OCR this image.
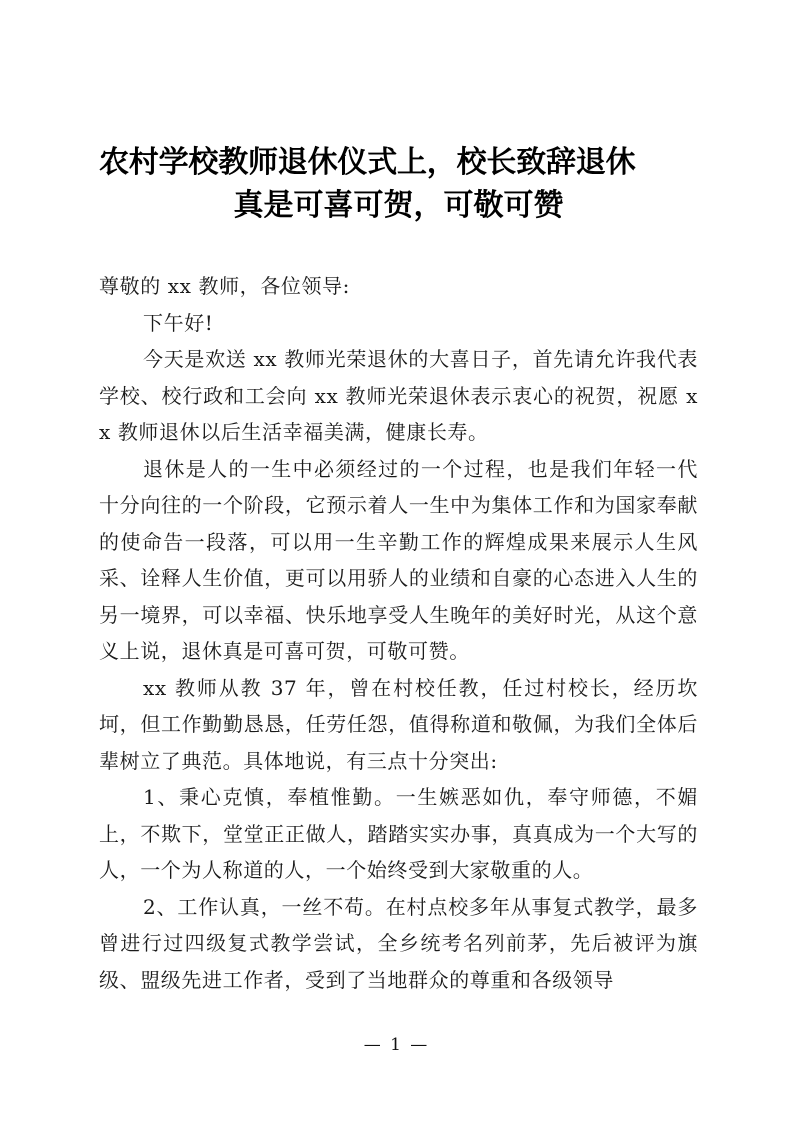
农村学校教师退休仪式上，校长致辞退休
真是可喜可贺，可敬可赞

尊敬的 xx 教师，各位领导:

下午好!

今天是欢送 xx 教师光荣退休的大喜日子，首先请允许我代表学校、校行政和工会向 xx 教师光荣退休表示衷心的祝贺，祝愿 xx 教师退休以后生活幸福美满，健康长寿。

退休是人的一生中必须经过的一个过程，也是我们年轻一代十分向往的一个阶段，它预示着人一生中为集体工作和为国家奉献的使命告一段落，可以用一生辛勤工作的辉煌成果来展示人生风采、诠释人生价值，更可以用骄人的业绩和自豪的心态进入人生的另一境界，可以幸福、快乐地享受人生晚年的美好时光，从这个意义上说，退休真是可喜可贺，可敬可赞。

xx 教师从教 37 年，曾在村校任教，任过村校长，经历坎坷，但工作勤勤恳恳，任劳任怨，值得称道和敬佩，为我们全体后辈树立了典范。具体地说，有三点十分突出:

1、秉心克慎，奉植惟勤。一生嫉恶如仇，奉守师德，不媚上，不欺下，堂堂正正做人，踏踏实实办事，真真成为一个大写的人，一个为人称道的人，一个始终受到大家敬重的人。

2、工作认真，一丝不苟。在村点校多年从事复式教学，最多曾进行过四级复式教学尝试，全乡统考名列前茅，先后被评为旗级、盟级先进工作者，受到了当地群众的尊重和各级领导

— 1 —
